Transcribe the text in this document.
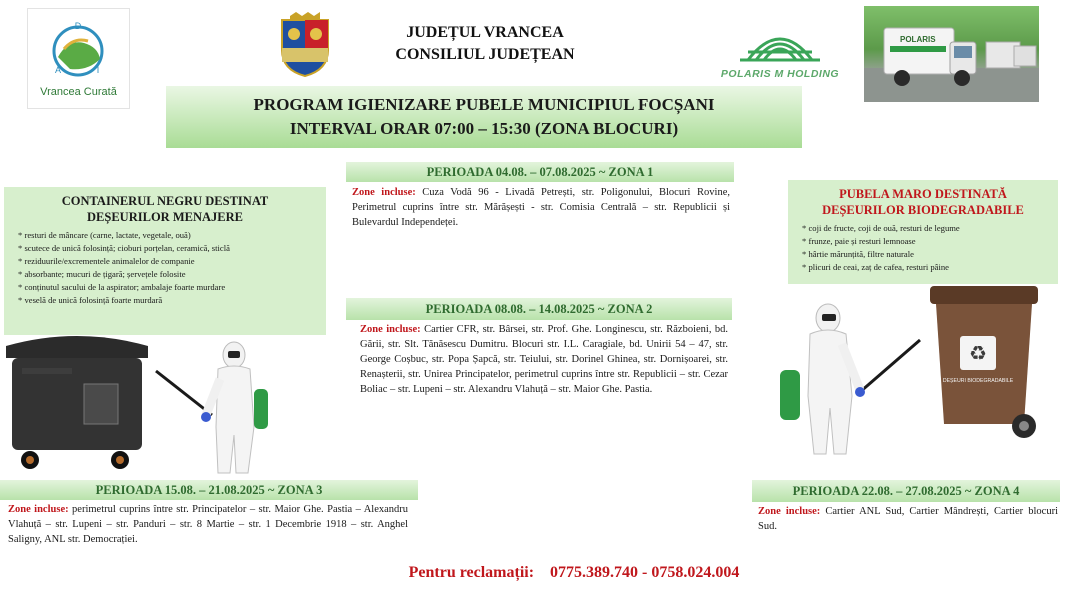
D
A	I
Vrancea Curată
JUDEȚUL VRANCEA
CONSILIUL JUDEȚEAN
POLARIS M HOLDING
POLARIS
PROGRAM IGIENIZARE PUBELE MUNICIPIUL FOCȘANI
INTERVAL ORAR 07:00 – 15:30 (ZONA BLOCURI)
CONTAINERUL NEGRU DESTINAT
DEȘEURILOR MENAJERE
* resturi de mâncare (carne, lactate, vegetale, ouă)
* scutece de unică folosință; cioburi porțelan, ceramică, sticlă
* reziduurile/excrementele animalelor de companie
* absorbante; mucuri de țigară; șervețele folosite
* conținutul sacului de la aspirator; ambalaje foarte murdare
* veselă de unică folosință foarte murdară
PERIOADA 04.08. – 07.08.2025 ~ ZONA 1
Zone incluse: Cuza Vodă 96 - Livadă Petrești, str. Poligonului, Blocuri Rovine, Perimetrul cuprins între str. Mărășești - str. Comisia Centrală – str. Republicii și Bulevardul Independeței.
PERIOADA 08.08. – 14.08.2025 ~ ZONA 2
Zone incluse: Cartier CFR, str. Bârsei, str. Prof. Ghe. Longinescu, str. Războieni, bd. Gării, str. Slt. Tănăsescu Dumitru. Blocuri str. I.L. Caragiale, bd. Unirii 54 – 47, str. George Coșbuc, str. Popa Șapcă, str. Teiului, str. Dorinel Ghinea, str. Dornișoarei, str. Renașterii, str. Unirea Principatelor, perimetrul cuprins între str. Republicii – str. Cezar Boliac – str. Lupeni – str. Alexandru Vlahuță – str. Maior Ghe. Pastia.
PUBELA MARO DESTINATĂ
DEȘEURILOR BIODEGRADABILE
* coji de fructe, coji de ouă, resturi de legume
* frunze, paie și resturi lemnoase
* hârtie mărunțită, filtre naturale
* plicuri de ceai, zaț de cafea, resturi pâine
♻
DEȘEURI BIODEGRADABILE
PERIOADA 15.08. – 21.08.2025 ~ ZONA 3
Zone incluse: perimetrul cuprins între str. Principatelor – str. Maior Ghe. Pastia – Alexandru Vlahuță – str. Lupeni – str. Panduri – str. 8 Martie – str. 1 Decembrie 1918 – str. Anghel Saligny, ANL str. Democrației.
PERIOADA 22.08. – 27.08.2025 ~ ZONA 4
Zone incluse: Cartier ANL Sud, Cartier Mândrești, Cartier blocuri Sud.
Pentru reclamații: 0775.389.740 - 0758.024.004
